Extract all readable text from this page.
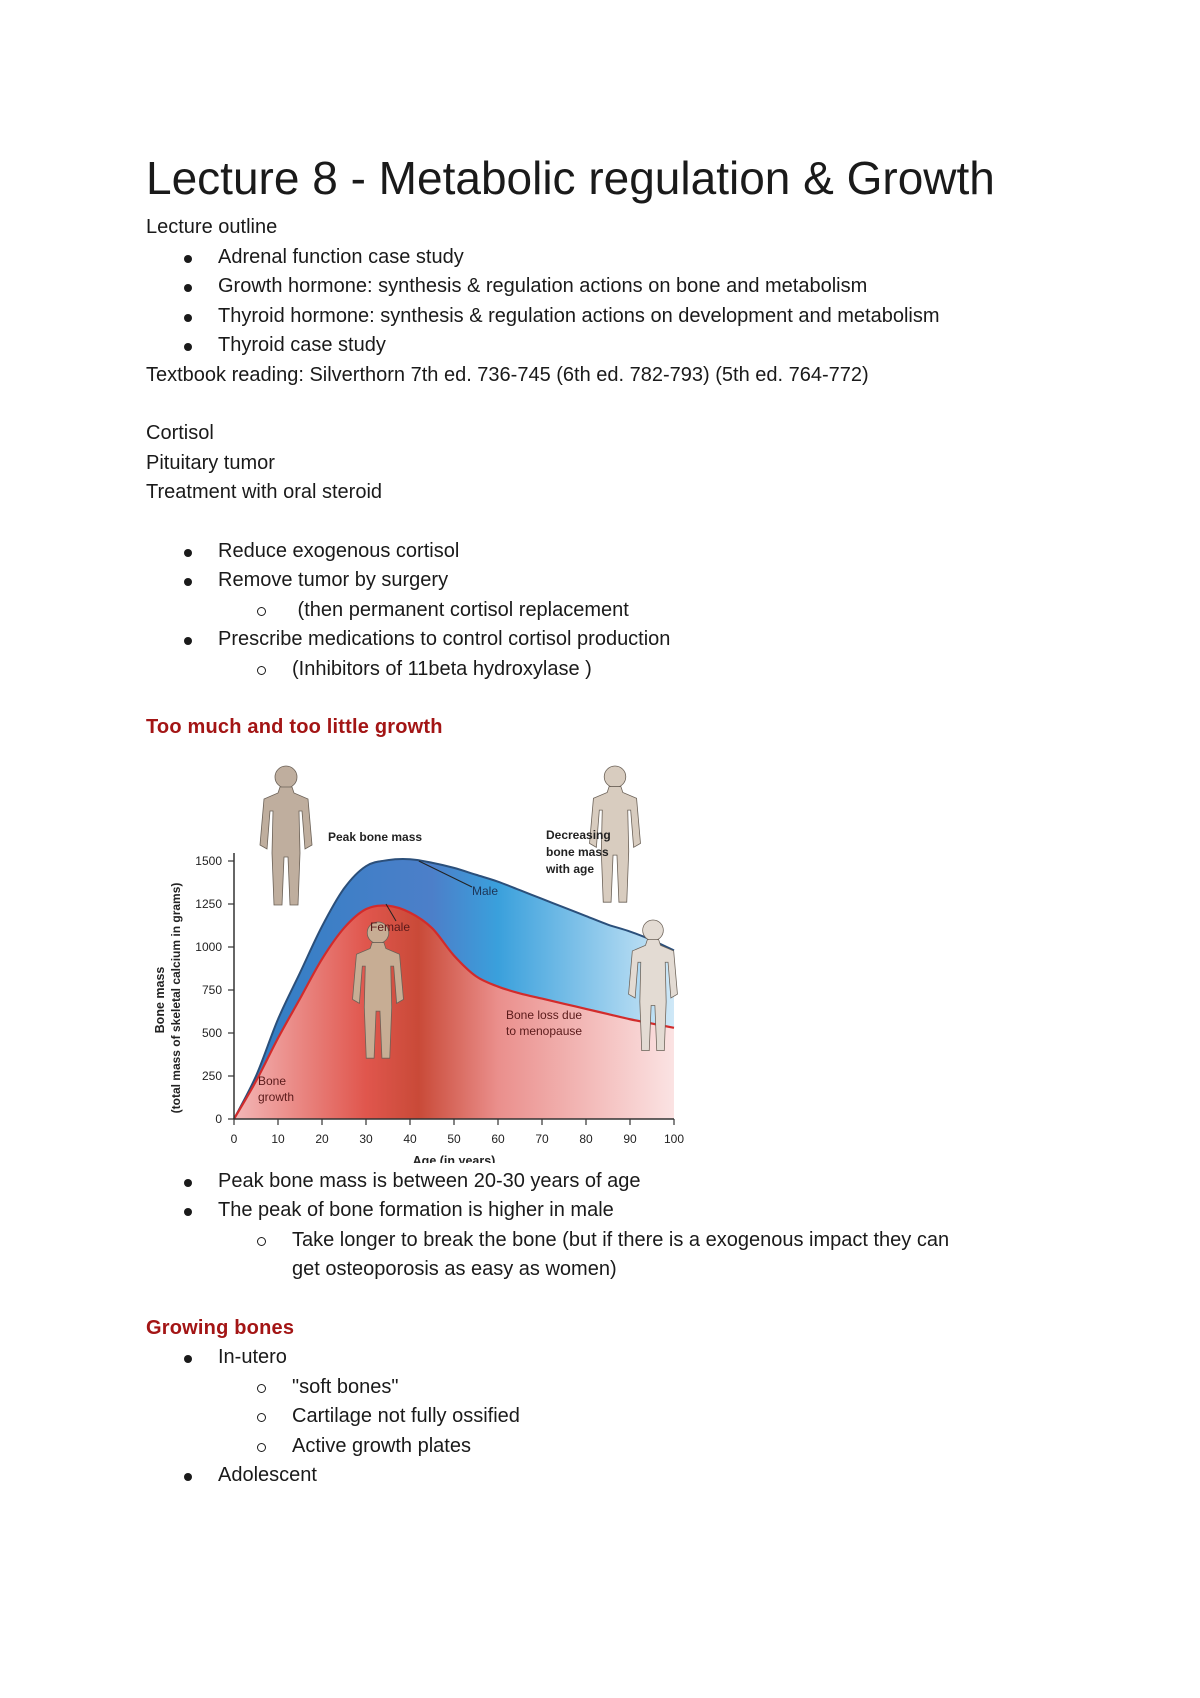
Lecture 8 - Metabolic regulation & Growth

Lecture outline

Adrenal function case study
Growth hormone: synthesis & regulation actions on bone and metabolism
Thyroid hormone: synthesis & regulation actions on development and metabolism
Thyroid case study

Textbook reading: Silverthorn 7th ed. 736-745 (6th ed. 782-793) (5th ed. 764-772)

Cortisol

Pituitary tumor

Treatment with oral steroid

Reduce exogenous cortisol
Remove tumor by surgery
(then permanent cortisol replacement
Prescribe medications to control cortisol production
(Inhibitors of 11beta hydroxylase )

Too much and too little growth

0
250
500
750
1000
1250
1500
0	10	20	30	40	50	60	70	80	90 100
Age (in years)
Bone mass (total mass of skeletal calcium in grams)
Peak bone mass	Decreasing
bone mass
with age
Male
Female
Bone loss due
to menopause
Bone
growth
Peak bone mass is between 20-30 years of age
The peak of bone formation is higher in male
Take longer to break the bone (but if there is a exogenous impact they can
get osteoporosis as easy as women)

Growing bones

In-utero
"soft bones"
Cartilage not fully ossified
Active growth plates
Adolescent
